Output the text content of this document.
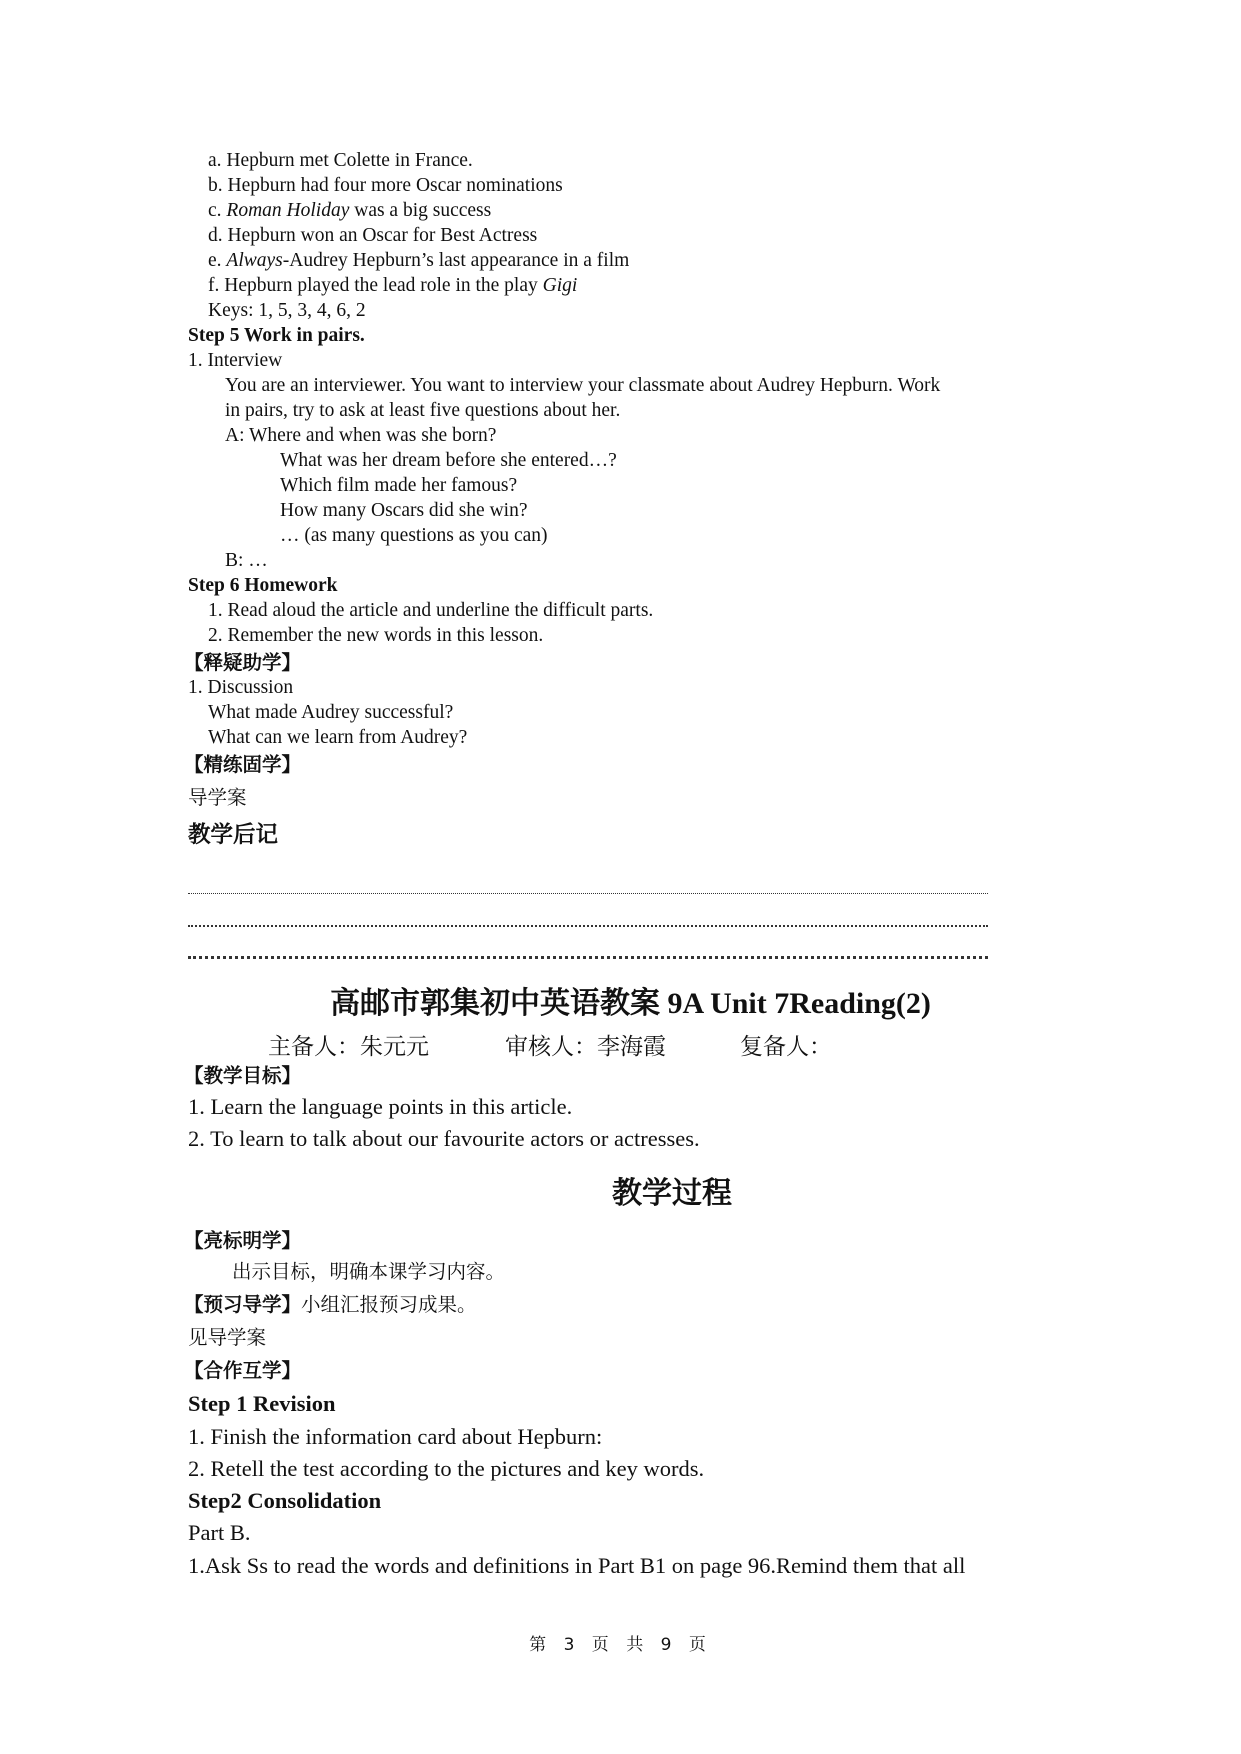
a. Hepburn met Colette in France.
b. Hepburn had four more Oscar nominations
c. Roman Holiday was a big success
d. Hepburn won an Oscar for Best Actress
e. Always-Audrey Hepburn’s last appearance in a film
f. Hepburn played the lead role in the play Gigi
Keys: 1, 5, 3, 4, 6, 2
Step 5 Work in pairs.
1. Interview
You are an interviewer. You want to interview your classmate about Audrey Hepburn. Work
in pairs, try to ask at least five questions about her.
A: Where and when was she born?
What was her dream before she entered…?
Which film made her famous?
How many Oscars did she win?
… (as many questions as you can)
B: …
Step 6 Homework
1. Read aloud the article and underline the difficult parts.
2. Remember the new words in this lesson.
【释疑助学】
1. Discussion
What made Audrey successful?
What can we learn from Audrey?
【精练固学】
导学案
教学后记
高邮市郭集初中英语教案 9A Unit 7Reading(2)
主备人：朱元元	审核人：李海霞	复备人：
【教学目标】
1. Learn the language points in this article.
2. To learn to talk about our favourite actors or actresses.
教学过程
【亮标明学】
出示目标，明确本课学习内容。
【预习导学】小组汇报预习成果。
见导学案
【合作互学】
Step 1 Revision
1. Finish the information card about Hepburn:
2. Retell the test according to the pictures and key words.
Step2 Consolidation
Part B.
1.Ask Ss to read the words and definitions in Part B1 on page 96.Remind them that all
第 3 页 共 9 页
